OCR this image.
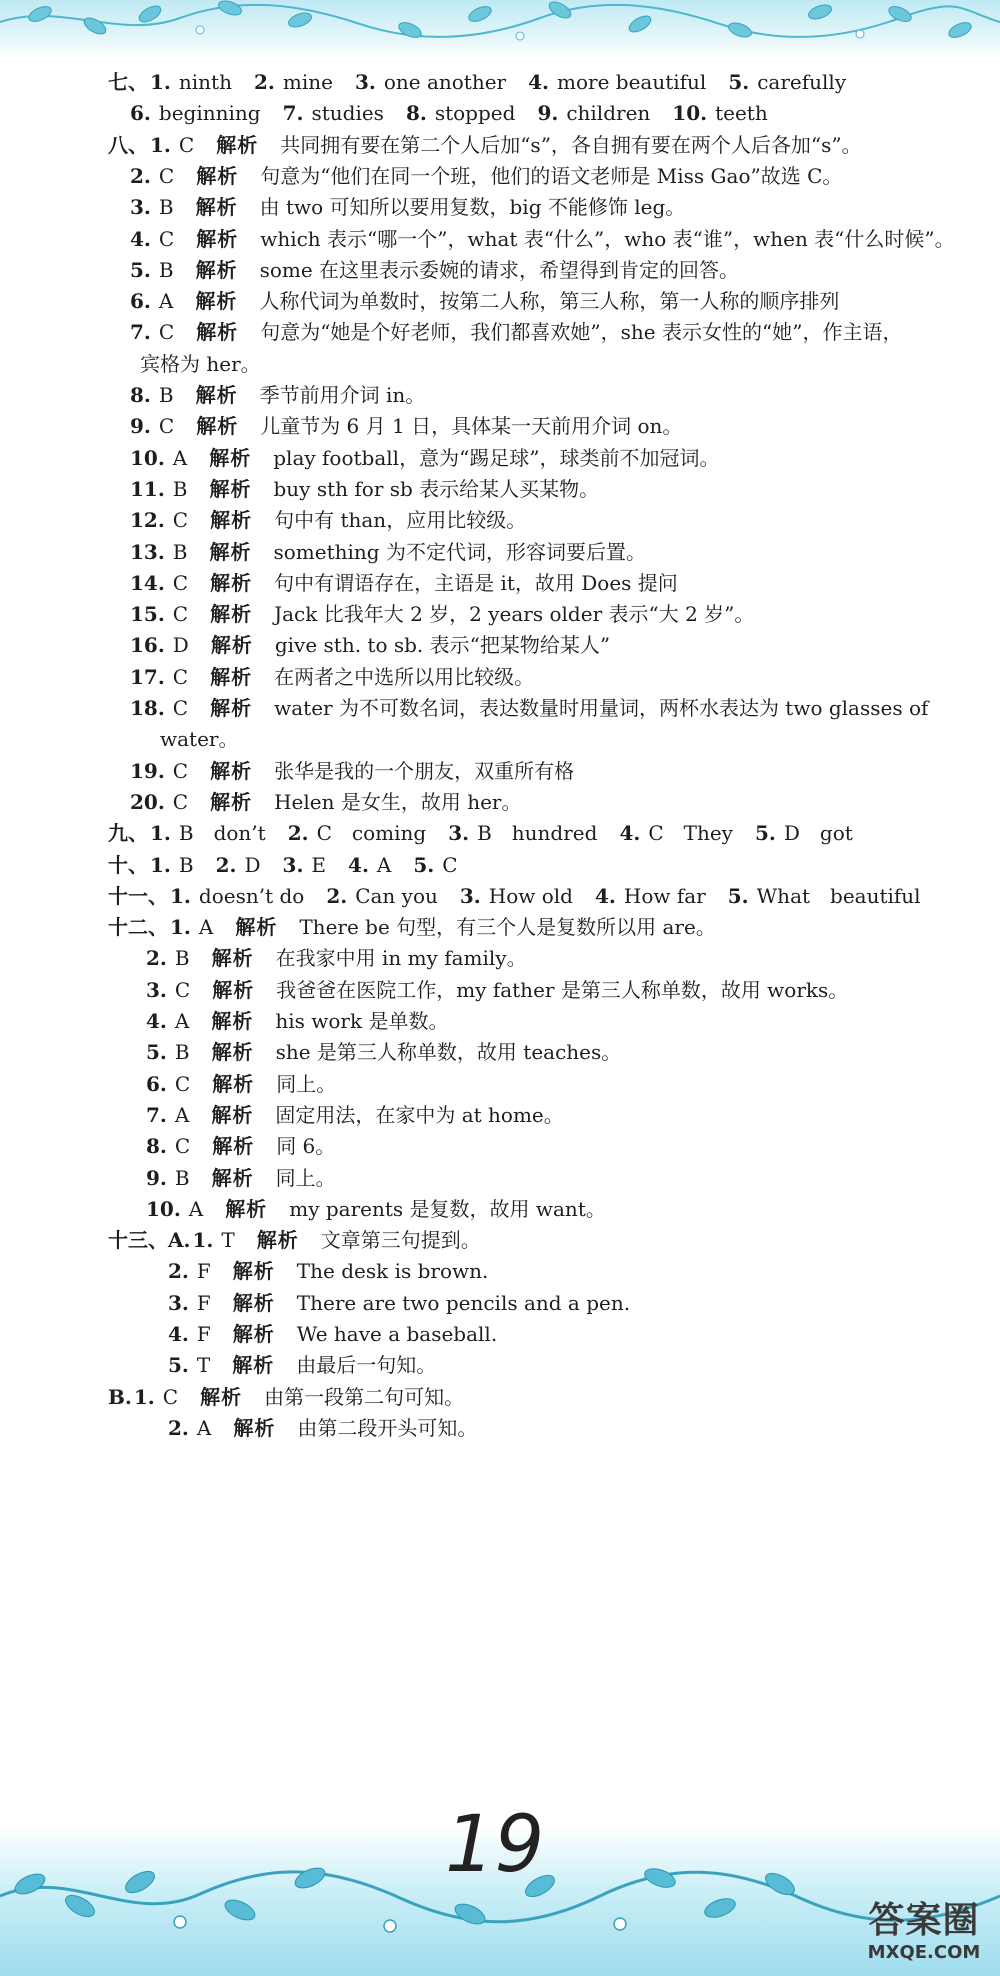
七、 1. ninth 2. mine 3. one another 4. more beautiful 5. carefully
6. beginning 7. studies 8. stopped 9. children 10. teeth
八、 1. C 解析 共同拥有要在第二个人后加“s”，各自拥有要在两个人后各加“s”。
2. C 解析 句意为“他们在同一个班，他们的语文老师是 Miss Gao”故选 C。
3. B 解析 由 two 可知所以要用复数，big 不能修饰 leg。
4. C 解析 which 表示“哪一个”，what 表“什么”，who 表“谁”，when 表“什么时候”。
5. B 解析 some 在这里表示委婉的请求，希望得到肯定的回答。
6. A 解析 人称代词为单数时，按第二人称，第三人称，第一人称的顺序排列
7. C 解析 句意为“她是个好老师，我们都喜欢她”，she 表示女性的“她”，作主语，
宾格为 her。
8. B 解析 季节前用介词 in。
9. C 解析 儿童节为 6 月 1 日，具体某一天前用介词 on。
10. A 解析 play football，意为“踢足球”，球类前不加冠词。
11. B 解析 buy sth for sb 表示给某人买某物。
12. C 解析 句中有 than，应用比较级。
13. B 解析 something 为不定代词，形容词要后置。
14. C 解析 句中有谓语存在，主语是 it，故用 Does 提问
15. C 解析 Jack 比我年大 2 岁，2 years older 表示“大 2 岁”。
16. D 解析 give sth. to sb. 表示“把某物给某人”
17. C 解析 在两者之中选所以用比较级。
18. C 解析 water 为不可数名词，表达数量时用量词，两杯水表达为 two glasses of
water。
19. C 解析 张华是我的一个朋友，双重所有格
20. C 解析 Helen 是女生，故用 her。
九、 1. B　don’t 2. C　coming 3. B　hundred 4. C　They 5. D　got
十、 1. B 2. D 3. E 4. A 5. C
十一、 1. doesn’t do 2. Can you 3. How old 4. How far 5. What　beautiful
十二、 1. A 解析 There be 句型，有三个人是复数所以用 are。
2. B 解析 在我家中用 in my family。
3. C 解析 我爸爸在医院工作，my father 是第三人称单数，故用 works。
4. A 解析 his work 是单数。
5. B 解析 she 是第三人称单数，故用 teaches。
6. C 解析 同上。
7. A 解析 固定用法，在家中为 at home。
8. C 解析 同 6。
9. B 解析 同上。
10. A 解析 my parents 是复数，故用 want。
十三、A. 1. T 解析 文章第三句提到。
2. F 解析 The desk is brown.
3. F 解析 There are two pencils and a pen.
4. F 解析 We have a baseball.
5. T 解析 由最后一句知。
B. 1. C 解析 由第一段第二句可知。
2. A 解析 由第二段开头可知。
19
答案圈
MXQE.COM
